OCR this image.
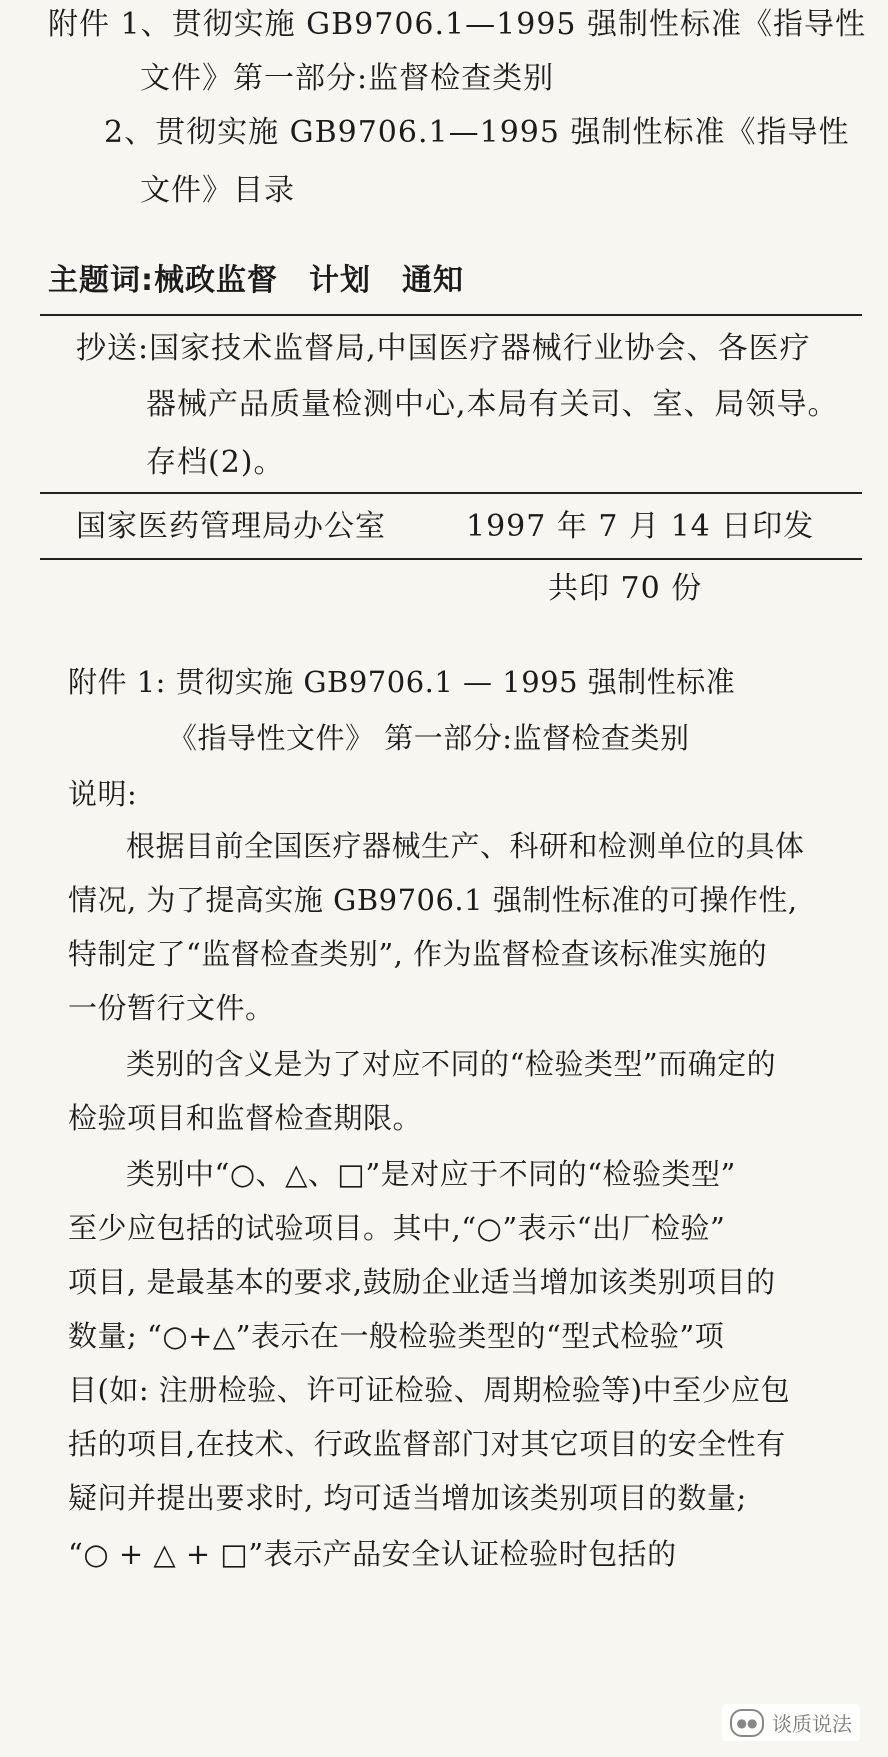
附件 1、贯彻实施 GB9706.1—1995 强制性标准《指导性
文件》第一部分:监督检查类别
2、贯彻实施 GB9706.1—1995 强制性标准《指导性
文件》目录
主题词:械政监督　计划　通知
抄送:国家技术监督局,中国医疗器械行业协会、各医疗
器械产品质量检测中心,本局有关司、室、局领导。
存档(2)。
国家医药管理局办公室	1997 年 7 月 14 日印发
共印 70 份
附件 1: 贯彻实施 GB9706.1 — 1995 强制性标准
《指导性文件》 第一部分:监督检查类别
说明:
根据目前全国医疗器械生产、科研和检测单位的具体
情况, 为了提高实施 GB9706.1 强制性标准的可操作性,
特制定了“监督检查类别”, 作为监督检查该标准实施的
一份暂行文件。
类别的含义是为了对应不同的“检验类型”而确定的
检验项目和监督检查期限。
类别中“○、△、□”是对应于不同的“检验类型”
至少应包括的试验项目。其中,“○”表示“出厂检验”
项目, 是最基本的要求,鼓励企业适当增加该类别项目的
数量; “○+△”表示在一般检验类型的“型式检验”项
目(如: 注册检验、许可证检验、周期检验等)中至少应包
括的项目,在技术、行政监督部门对其它项目的安全性有
疑问并提出要求时, 均可适当增加该类别项目的数量;
“○ + △ + □”表示产品安全认证检验时包括的
●● 谈质说法
